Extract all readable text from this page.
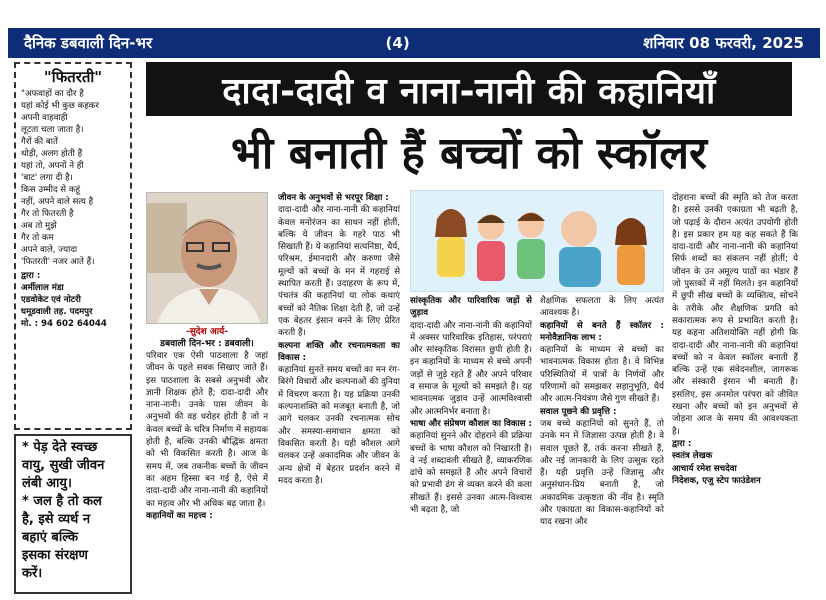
दैनिक डबवाली दिन-भर	(4)	शनिवार 08 फरवरी, 2025
"फितरती"
"अफवाहों का दौर है
यहां कोई भी कुछ कहकर
अपनी वाहवाही
लूटता चला जाता है।
गैरों की बातें
थोड़ी, अलग होती हैं
यहां तो, अपनों ने ही
'बाट' लगा दी है।
किस उम्मीद से कहूं
नहीं, अपने वाले सत्य है
गैर तो फितरती है
अब तो मुझे
गैर तो कम
अपने वाले, ज्यादा
'फितरती' नजर आते हैं।
द्वारा :
अर्मीलाल मंडा
एडवोकेट एवं नोटरी
घमूडवाली तह. पदमपुर
मो. : 94 602 64044
* पेड़ देते स्वच्छ
वायु, सुखी जीवन
लंबी आयु।
* जल है तो कल
है, इसे व्यर्थ न
बहाएं बल्कि
इसका संरक्षण
करें।
दादा-दादी व नाना-नानी की कहानियाँ
भी बनाती हैं बच्चों को स्कॉलर
-सुदेश आर्य-
डबवाली दिन-भर : डबवाली।

परिवार एक ऐसी पाठशाला है जहां जीवन के पहले सबक सिखाए जाते हैं। इस पाठशाला के सबसे अनुभवी और ज्ञानी शिक्षक होते हैं; दादा-दादी और नाना-नानी। उनके पास जीवन के अनुभवों की वह धरोहर होती है जो न केवल बच्चों के चरित्र निर्माण में सहायक होती है, बल्कि उनकी बौद्धिक क्षमता को भी विकसित करती है। आज के समय में, जब तकनीक बच्चों के जीवन का अहम हिस्सा बन गई है, ऐसे में दादा-दादी और नाना-नानी की कहानियों का महत्व और भी अधिक बढ़ जाता है।

कहानियों का महत्त्व :

जीवन के अनुभवों से भरपूर शिक्षा :

दादा-दादी और नाना-नानी की कहानियां केवल मनोरंजन का साधन नहीं होतीं, बल्कि ये जीवन के गहरे पाठ भी सिखाती हैं। ये कहानियां सत्यनिष्ठा, धैर्य, परिश्रम, ईमानदारी और करुणा जैसे मूल्यों को बच्चों के मन में गहराई से स्थापित करती हैं। उदाहरण के रूप में, पंचतंत्र की कहानियां या लोक कथाएं बच्चों को नैतिक शिक्षा देती हैं, जो उन्हें एक बेहतर इंसान बनने के लिए प्रेरित करती हैं।

कल्पना शक्ति और रचनात्मकता का विकास :

कहानियां सुनते समय बच्चों का मन रंग-बिरंगे विचारों और कल्पनाओं की दुनिया में विचरण करता है। यह प्रक्रिया उनकी कल्पनाशक्ति को मजबूत बनाती है, जो आगे चलकर उनकी रचनात्मक सोच और समस्या-समाधान क्षमता को विकसित करती है। यही कौशल आगे चलकर उन्हें अकादमिक और जीवन के अन्य क्षेत्रों में बेहतर प्रदर्शन करने में मदद करता है।

सांस्कृतिक और पारिवारिक जड़ों से जुड़ाव

दादा-दादी और नाना-नानी की कहानियों में अक्सर पारिवारिक इतिहास, परंपराएं और सांस्कृतिक विरासत छुपी होती है। इन कहानियों के माध्यम से बच्चे अपनी जड़ों से जुड़े रहते हैं और अपने परिवार व समाज के मूल्यों को समझते हैं। यह भावनात्मक जुड़ाव उन्हें आत्मविश्वासी और आत्मनिर्भर बनाता है।

भाषा और संप्रेषण कौशल का विकास :

कहानियां सुनने और दोहराने की प्रक्रिया बच्चों के भाषा कौशल को निखारती है। वे नई शब्दावली सीखते हैं, व्याकरणिक ढांचे को समझते हैं और अपने विचारों को प्रभावी ढंग से व्यक्त करने की कला सीखते हैं। इससे उनका आत्म-विश्वास भी बढ़ता है, जो

शैक्षणिक सफलता के लिए अत्यंत आवश्यक है।

कहानियों से बनते हैं स्कॉलर : मनोवैज्ञानिक लाभ :

कहानियों के माध्यम से बच्चों का भावनात्मक विकास होता है। वे विभिन्न परिस्थितियों में पात्रों के निर्णयों और परिणामों को समझकर सहानुभूति, धैर्य और आत्म-नियंत्रण जैसे गुण सीखते हैं।

सवाल पूछने की प्रवृत्ति :

जब बच्चे कहानियों को सुनते हैं, तो उनके मन में जिज्ञासा उत्पन्न होती है। वे सवाल पूछते हैं, तर्क करना सीखते हैं, और नई जानकारी के लिए उत्सुक रहते हैं। यही प्रवृत्ति उन्हें जिज्ञासु और अनुसंधान-प्रिय बनाती है, जो अकादमिक उत्कृष्टता की नींव है। स्मृति और एकाग्रता का विकास-कहानियों को याद रखना और

दोहराना बच्चों की स्मृति को तेज करता है। इससे उनकी एकाग्रता भी बढ़ती है, जो पढ़ाई के दौरान अत्यंत उपयोगी होती है। इस प्रकार हम यह कह सकते हैं कि दादा-दादी और नाना-नानी की कहानियां सिर्फ शब्दों का संकलन नहीं होतीं; ये जीवन के उन अमूल्य पाठों का भंडार हैं जो पुस्तकों में नहीं मिलते। इन कहानियों में छुपी सीख बच्चों के व्यक्तित्व, सोचने के तरीके और शैक्षणिक प्रगति को सकारात्मक रूप से प्रभावित करती है। यह कहना अतिशयोक्ति नहीं होगी कि दादा-दादी और नाना-नानी की कहानियां बच्चों को न केवल स्कॉलर बनाती हैं बल्कि उन्हें एक संवेदनशील, जागरूक और संस्कारी इंसान भी बनाती हैं। इसलिए, इस अनमोल परंपरा को जीवित रखना और बच्चों को इन अनुभवों से जोड़ना आज के समय की आवश्यकता है।

द्वारा :

स्वतंत्र लेखक

आचार्य रमेश सचदेवा

निदेशक, एजु स्टेप फाउंडेशन
